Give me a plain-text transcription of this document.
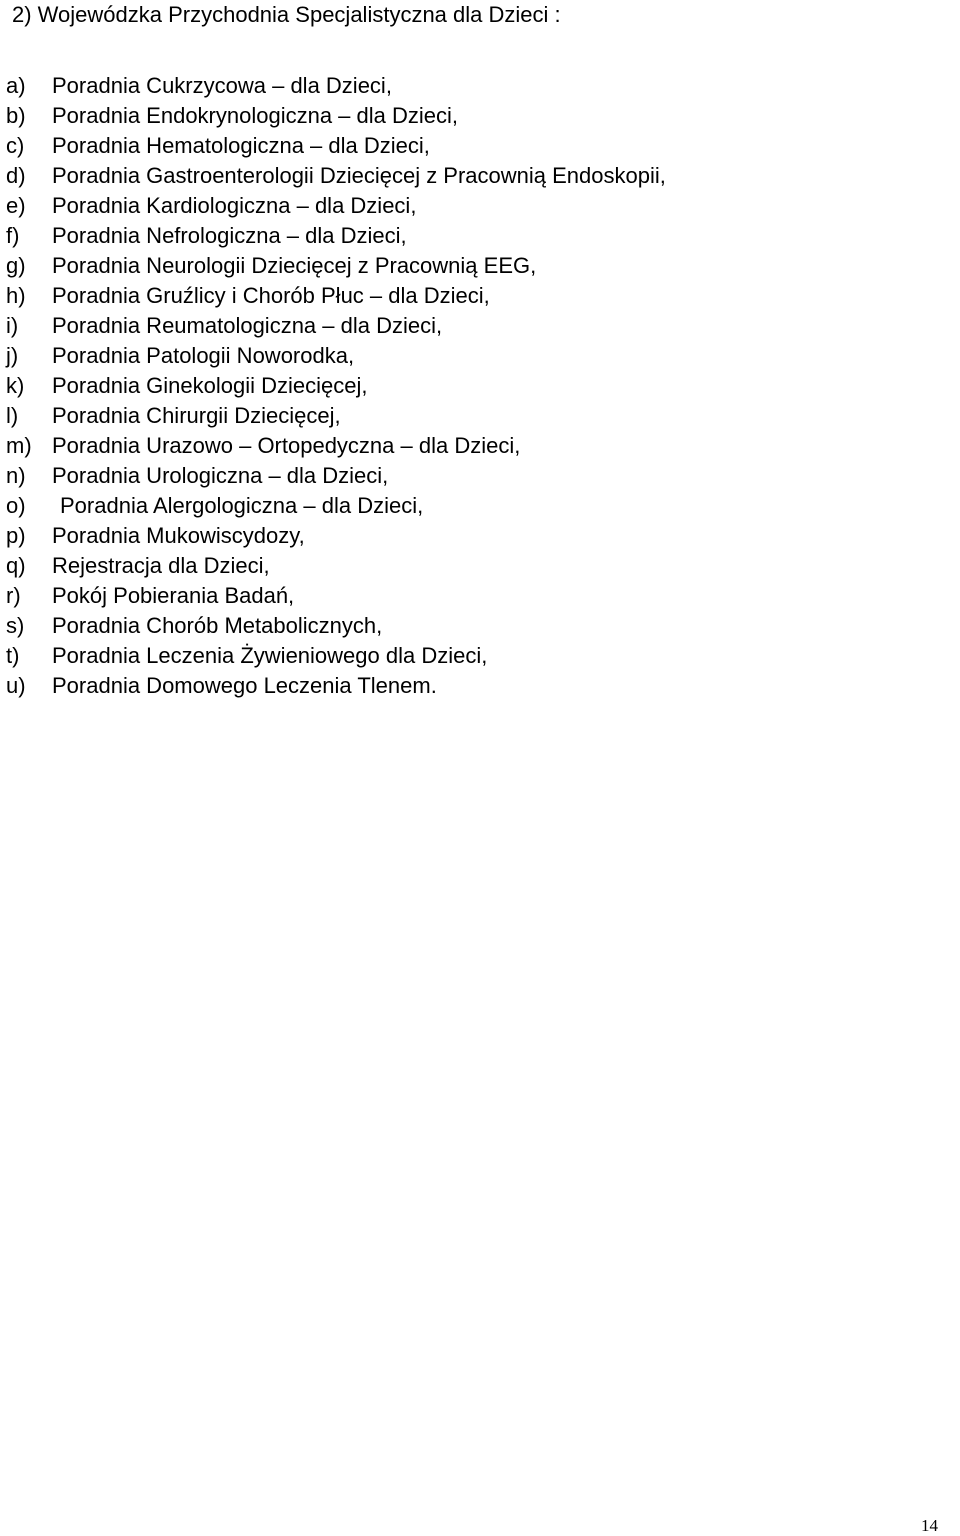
2) Wojewódzka Przychodnia Specjalistyczna dla Dzieci :
a) Poradnia Cukrzycowa – dla Dzieci,
b) Poradnia Endokrynologiczna – dla Dzieci,
c) Poradnia Hematologiczna – dla Dzieci,
d) Poradnia Gastroenterologii Dziecięcej z Pracownią Endoskopii,
e) Poradnia Kardiologiczna – dla Dzieci,
f) Poradnia Nefrologiczna – dla Dzieci,
g) Poradnia Neurologii Dziecięcej z Pracownią EEG,
h) Poradnia Gruźlicy i Chorób Płuc – dla Dzieci,
i) Poradnia Reumatologiczna – dla Dzieci,
j) Poradnia Patologii Noworodka,
k) Poradnia Ginekologii Dziecięcej,
l) Poradnia Chirurgii Dziecięcej,
m) Poradnia Urazowo – Ortopedyczna – dla Dzieci,
n) Poradnia Urologiczna – dla Dzieci,
o) Poradnia Alergologiczna – dla Dzieci,
p) Poradnia Mukowiscydozy,
q) Rejestracja dla Dzieci,
r) Pokój Pobierania Badań,
s) Poradnia Chorób Metabolicznych,
t) Poradnia Leczenia Żywieniowego dla Dzieci,
u) Poradnia Domowego Leczenia Tlenem.
14
